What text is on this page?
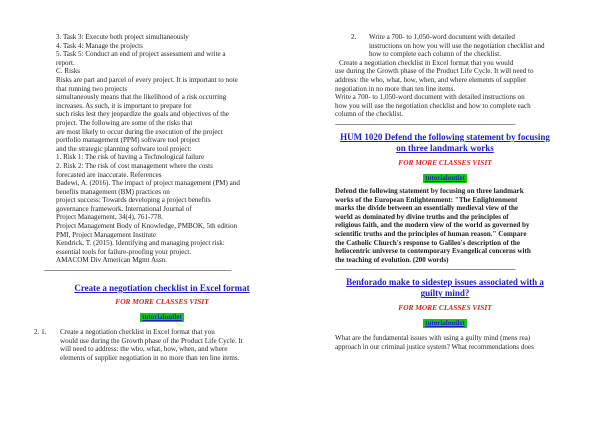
3. Task 3: Execute both project simultaneously
4. Task 4: Manage the projects
5. Task 5: Conduct an end of project assessment and write a
report.
C. Risks
Risks are part and parcel of every project. It is important to note
that running two projects
simultaneously means that the likelihood of a risk occurring
increases. As such, it is important to prepare for
such risks lest they jeopardize the goals and objectives of the
project. The following are some of the risks that
are most likely to occur during the execution of the project
portfolio management (PPM) software tool project
and the strategic planning software tool project:
1. Risk 1: The risk of having a Technological failure
2. Risk 2: The risk of cost management where the costs
forecasted are inaccurate. References
Badewi, A. (2016). The impact of project management (PM) and
benefits management (BM) practices on
project success: Towards developing a project benefits
governance framework. International Journal of
Project Management, 34(4), 761-778.
Project Management Body of Knowledge, PMBOK, 5th edition
PMI, Project Management Institute
Kendrick, T. (2015). Identifying and managing project risk:
essential tools for failure-proofing your project.
AMACOM Div American Mgmt Assn.
------------------------------------------------------------------------------------------------------------
Create a negotiation checklist in Excel format
FOR MORE CLASSES VISIT
tutorialoutlet
2. 1. Create a negotiation checklist in Excel format that you
would use during the Growth phase of the Product Life Cycle. It
will need to address: the who, what, how, when, and where
elements of supplier negotiation in no more than ten line items.
2. Write a 700- to 1,050-word document with detailed
instructions on how you will use the negotiation checklist and
how to complete each column of the checklist.
Create a negotiation checklist in Excel format that you would
use during the Growth phase of the Product Life Cycle. It will need to
address: the who, what, how, when, and where elements of supplier
negotiation in no more than ten line items.
Write a 700- to 1,050-word document with detailed instructions on
how you will use the negotiation checklist and how to complete each
column of the checklist.
--------------------------------------------------------------------------------------------------------
HUM 1020 Defend the following statement by focusing
on three landmark works
FOR MORE CLASSES VISIT
tutorialoutlet
Defend the following statement by focusing on three landmark
works of the European Enlightenment: "The Enlightenment
marks the divide between an essentially medieval view of the
world as dominated by divine truths and the principles of
religious faith, and the modern view of the world as governed by
scientific truths and the principles of human reason." Compare
the Catholic Church's response to Galileo's description of the
heliocentric universe to contemporary Evangelical concerns with
the teaching of evolution. (200 words)
--------------------------------------------------------------------------------------------------------
Benforado make to sidestep issues associated with a
guilty mind?
FOR MORE CLASSES VISIT
tutorialoutlet
What are the fundamental issues with using a guilty mind (mens rea)
approach in our criminal justice system? What recommendations does
